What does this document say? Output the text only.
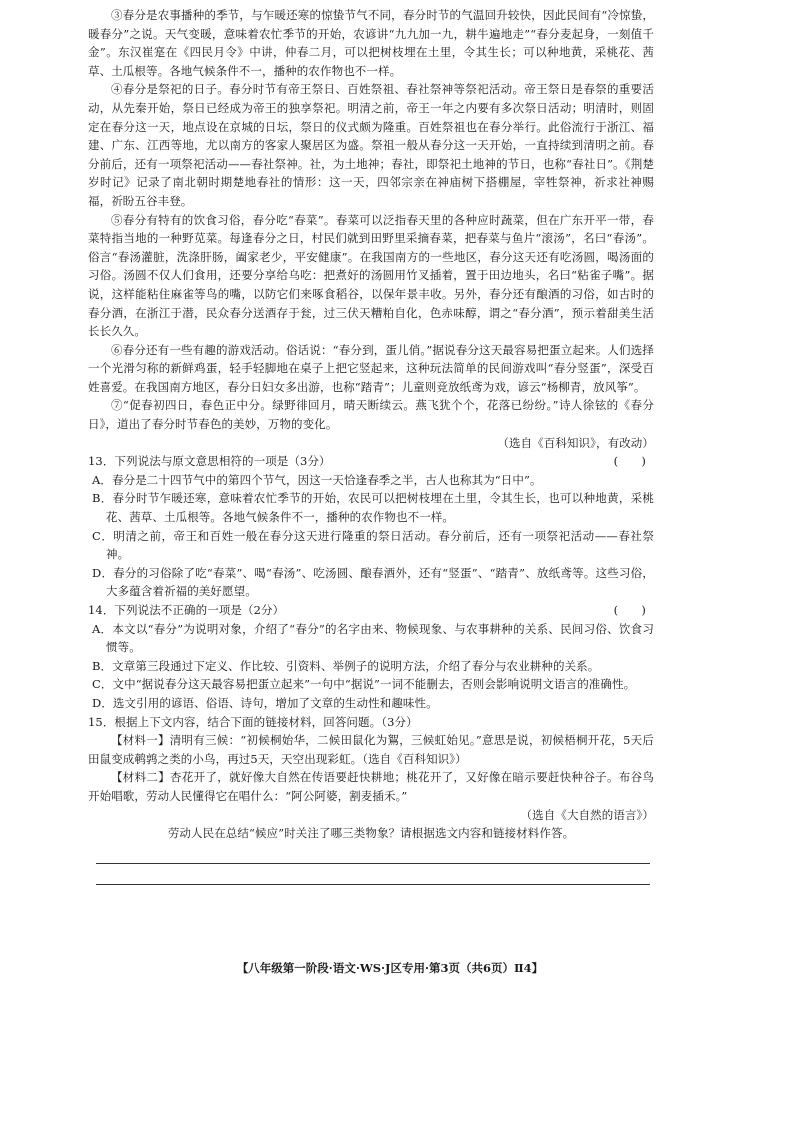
③春分是农事播种的季节，与乍暖还寒的惊蛰节气不同，春分时节的气温回升较快，因此民间有“冷惊蛰，暖春分”之说。天气变暖，意味着农忙季节的开始，农谚讲“九九加一九，耕牛遍地走”“春分麦起身，一刻值千金”。东汉崔寔在《四民月令》中讲，仲春二月，可以把树枝埋在土里，令其生长；可以种地黄，采桃花、茜草、土瓜根等。各地气候条件不一，播种的农作物也不一样。

④春分是祭祀的日子。春分时节有帝王祭日、百姓祭祖、春社祭神等祭祀活动。帝王祭日是春祭的重要活动，从先秦开始，祭日已经成为帝王的独享祭祀。明清之前，帝王一年之内要有多次祭日活动；明清时，则固定在春分这一天，地点设在京城的日坛，祭日的仪式颇为隆重。百姓祭祖也在春分举行。此俗流行于浙江、福建、广东、江西等地，尤以南方的客家人聚居区为盛。祭祖一般从春分这一天开始，一直持续到清明之前。春分前后，还有一项祭祀活动——春社祭神。社，为土地神；春社，即祭祀土地神的节日，也称“春社日”。《荆楚岁时记》记录了南北朝时期楚地春社的情形：这一天，四邻宗亲在神庙树下搭棚屋，宰牲祭神，祈求社神赐福，祈盼五谷丰登。

⑤春分有特有的饮食习俗，春分吃“春菜”。春菜可以泛指春天里的各种应时蔬菜，但在广东开平一带，春菜特指当地的一种野苋菜。每逢春分之日，村民们就到田野里采摘春菜，把春菜与鱼片“滚汤”，名曰“春汤”。俗言“春汤灌脏，洗涤肝肠，阖家老少，平安健康”。在我国南方的一些地区，春分这天还有吃汤圆，喝汤面的习俗。汤圆不仅人们食用，还要分享给乌吃：把煮好的汤圆用竹叉插着，置于田边地头，名曰“粘雀子嘴”。据说，这样能粘住麻雀等鸟的嘴，以防它们来啄食稻谷，以保年景丰收。另外，春分还有酿酒的习俗，如古时的春分酒，在浙江于潜，民众春分送酒存于瓮，过三伏天糟粕自化，色赤味醇，谓之“春分酒”，预示着甜美生活长长久久。

⑥春分还有一些有趣的游戏活动。俗话说：“春分到，蛋儿俏。”据说春分这天最容易把蛋立起来。人们选择一个光滑匀称的新鲜鸡蛋，轻手轻脚地在桌子上把它竖起来，这种玩法简单的民间游戏叫“春分竖蛋”，深受百姓喜爱。在我国南方地区，春分日妇女多出游，也称“踏青”；儿童则竞放纸鸢为戏，谚云“杨柳青，放风筝”。

⑦“促春初四日，春色正中分。绿野徘回月，晴天断续云。燕飞犹个个，花落已纷纷。”诗人徐铉的《春分日》，道出了春分时节春色的美妙，万物的变化。

（选自《百科知识》，有改动）

13．下列说法与原文意思相符的一项是（3分）	(　　)

A．春分是二十四节气中的第四个节气，因这一天恰逢春季之半，古人也称其为“日中”。

B．春分时节乍暖还寒，意味着农忙季节的开始，农民可以把树枝埋在土里，令其生长，也可以种地黄，采桃花、茜草、土瓜根等。各地气候条件不一，播种的农作物也不一样。

C．明清之前，帝王和百姓一般在春分这天进行隆重的祭日活动。春分前后，还有一项祭祀活动——春社祭神。

D．春分的习俗除了吃“春菜”、喝“春汤”、吃汤圆、酿春酒外，还有“竖蛋”、“踏青”、放纸鸢等。这些习俗，大多蕴含着祈福的美好愿望。

14．下列说法不正确的一项是（2分）	(　　)

A．本文以“春分”为说明对象，介绍了“春分”的名字由来、物候现象、与农事耕种的关系、民间习俗、饮食习惯等。

B．文章第三段通过下定义、作比较、引资料、举例子的说明方法，介绍了春分与农业耕种的关系。

C．文中“据说春分这天最容易把蛋立起来”一句中“据说”一词不能删去，否则会影响说明文语言的准确性。

D．选文引用的谚语、俗语、诗句，增加了文章的生动性和趣味性。

15．根据上下文内容，结合下面的链接材料，回答问题。（3分）

【材料一】清明有三候：“初候桐始华，二候田鼠化为鴽，三候虹始见。”意思是说，初候梧桐开花，5天后田鼠变成鹌鹑之类的小鸟，再过5天，天空出现彩虹。（选自《百科知识》）

【材料二】杏花开了，就好像大自然在传语要赶快耕地；桃花开了，又好像在暗示要赶快种谷子。布谷鸟开始唱歌，劳动人民懂得它在唱什么：“阿公阿婆，割麦插禾。”

（选自《大自然的语言》）

劳动人民在总结“候应”时关注了哪三类物象？请根据选文内容和链接材料作答。

【八年级第一阶段·语文·WS·J区专用·第3页（共6页）Ⅱ4】
